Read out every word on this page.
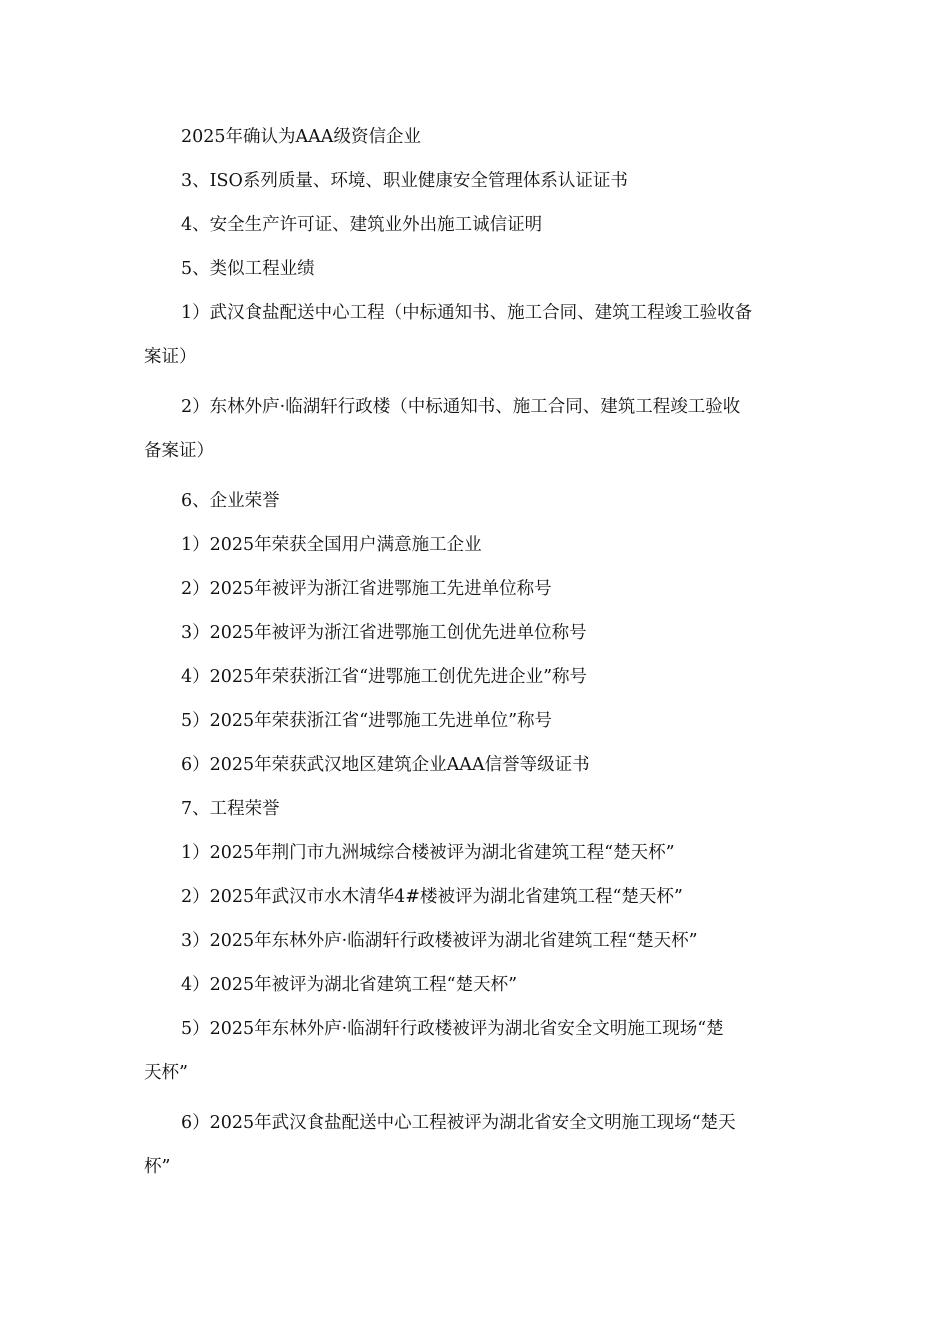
2025年确认为AAA级资信企业

3、ISO系列质量、环境、职业健康安全管理体系认证证书

4、安全生产许可证、建筑业外出施工诚信证明

5、类似工程业绩

1）武汉食盐配送中心工程（中标通知书、施工合同、建筑工程竣工验收备

案证）

2）东林外庐·临湖轩行政楼（中标通知书、施工合同、建筑工程竣工验收

备案证）

6、企业荣誉

1）2025年荣获全国用户满意施工企业

2）2025年被评为浙江省进鄂施工先进单位称号

3）2025年被评为浙江省进鄂施工创优先进单位称号

4）2025年荣获浙江省“进鄂施工创优先进企业”称号

5）2025年荣获浙江省“进鄂施工先进单位”称号

6）2025年荣获武汉地区建筑企业AAA信誉等级证书

7、工程荣誉

1）2025年荆门市九洲城综合楼被评为湖北省建筑工程“楚天杯”

2）2025年武汉市水木清华4#楼被评为湖北省建筑工程“楚天杯”

3）2025年东林外庐·临湖轩行政楼被评为湖北省建筑工程“楚天杯”

4）2025年被评为湖北省建筑工程“楚天杯”

5）2025年东林外庐·临湖轩行政楼被评为湖北省安全文明施工现场“楚

天杯”

6）2025年武汉食盐配送中心工程被评为湖北省安全文明施工现场“楚天

杯”
